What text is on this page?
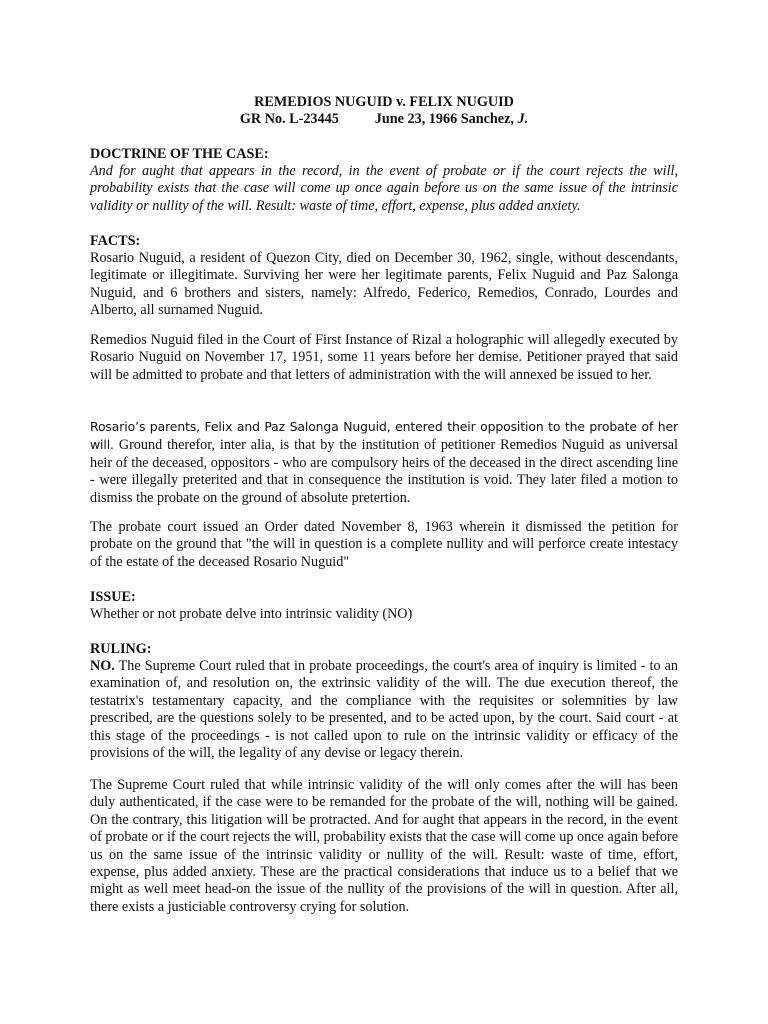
REMEDIOS NUGUID v. FELIX NUGUID
GR No. L-23445	June 23, 1966 Sanchez, J.
DOCTRINE OF THE CASE:
And for aught that appears in the record, in the event of probate or if the court rejects the will, probability exists that the case will come up once again before us on the same issue of the intrinsic validity or nullity of the will. Result: waste of time, effort, expense, plus added anxiety.
FACTS:
Rosario Nuguid, a resident of Quezon City, died on December 30, 1962, single, without descendants, legitimate or illegitimate. Surviving her were her legitimate parents, Felix Nuguid and Paz Salonga Nuguid, and 6 brothers and sisters, namely: Alfredo, Federico, Remedios, Conrado, Lourdes and Alberto, all surnamed Nuguid.
Remedios Nuguid filed in the Court of First Instance of Rizal a holographic will allegedly executed by Rosario Nuguid on November 17, 1951, some 11 years before her demise. Petitioner prayed that said will be admitted to probate and that letters of administration with the will annexed be issued to her.
Rosario’s parents, Felix and Paz Salonga Nuguid, entered their opposition to the probate of her will. Ground therefor, inter alia, is that by the institution of petitioner Remedios Nuguid as universal heir of the deceased, oppositors - who are compulsory heirs of the deceased in the direct ascending line - were illegally preterited and that in consequence the institution is void. They later filed a motion to dismiss the probate on the ground of absolute pretertion.
The probate court issued an Order dated November 8, 1963 wherein it dismissed the petition for probate on the ground that "the will in question is a complete nullity and will perforce create intestacy of the estate of the deceased Rosario Nuguid"
ISSUE:
Whether or not probate delve into intrinsic validity (NO)
RULING:
NO. The Supreme Court ruled that in probate proceedings, the court's area of inquiry is limited - to an examination of, and resolution on, the extrinsic validity of the will. The due execution thereof, the testatrix's testamentary capacity, and the compliance with the requisites or solemnities by law prescribed, are the questions solely to be presented, and to be acted upon, by the court. Said court - at this stage of the proceedings - is not called upon to rule on the intrinsic validity or efficacy of the provisions of the will, the legality of any devise or legacy therein.
The Supreme Court ruled that while intrinsic validity of the will only comes after the will has been duly authenticated, if the case were to be remanded for the probate of the will, nothing will be gained. On the contrary, this litigation will be protracted. And for aught that appears in the record, in the event of probate or if the court rejects the will, probability exists that the case will come up once again before us on the same issue of the intrinsic validity or nullity of the will. Result: waste of time, effort, expense, plus added anxiety. These are the practical considerations that induce us to a belief that we might as well meet head-on the issue of the nullity of the provisions of the will in question. After all, there exists a justiciable controversy crying for solution.
